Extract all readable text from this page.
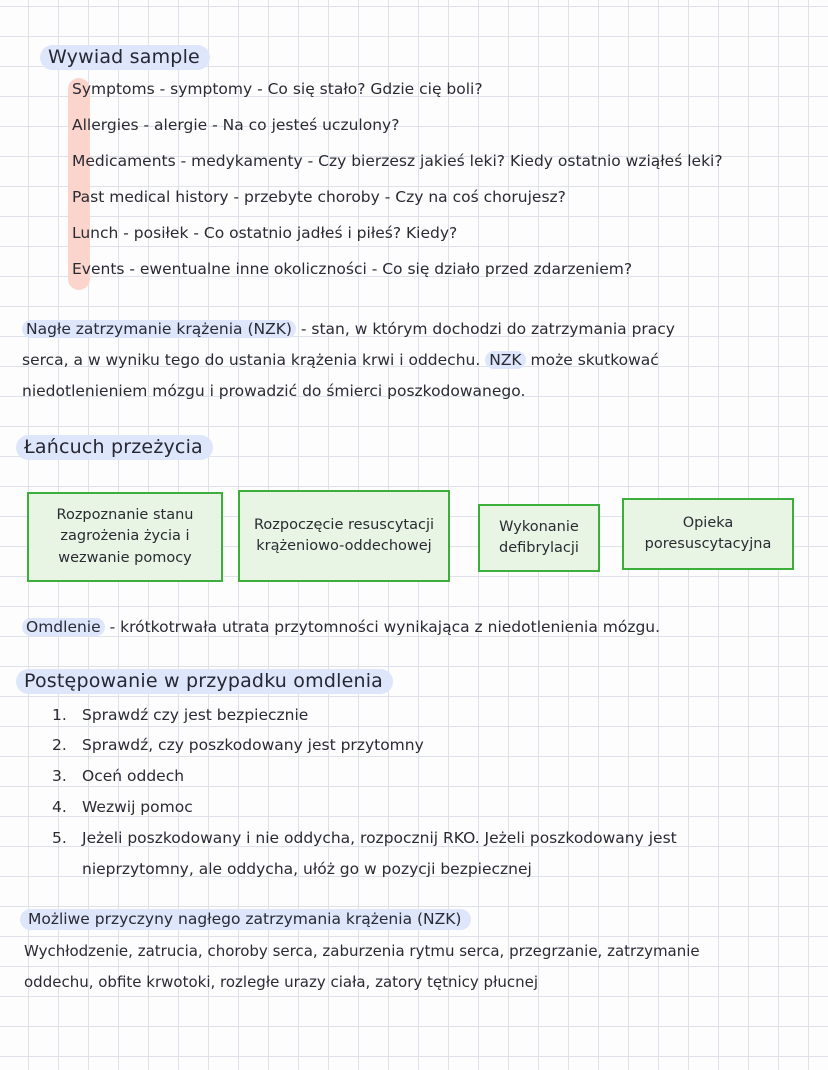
Wywiad sample
Symptoms - symptomy - Co się stało? Gdzie cię boli?
Allergies - alergie - Na co jesteś uczulony?
Medicaments - medykamenty - Czy bierzesz jakieś leki? Kiedy ostatnio wziąłeś leki?
Past medical history - przebyte choroby - Czy na coś chorujesz?
Lunch - posiłek - Co ostatnio jadłeś i piłeś? Kiedy?
Events - ewentualne inne okoliczności - Co się działo przed zdarzeniem?
Nagłe zatrzymanie krążenia (NZK) - stan, w którym dochodzi do zatrzymania pracy
serca, a w wyniku tego do ustania krążenia krwi i oddechu. NZK może skutkować
niedotlenieniem mózgu i prowadzić do śmierci poszkodowanego.
Łańcuch przeżycia
Rozpoznanie stanu zagrożenia życia i wezwanie pomocy
Rozpoczęcie resuscytacji krążeniowo-oddechowej
Wykonanie defibrylacji
Opieka poresuscytacyjna
Omdlenie - krótkotrwała utrata przytomności wynikająca z niedotlenienia mózgu.
Postępowanie w przypadku omdlenia
1. Sprawdź czy jest bezpiecznie
2. Sprawdź, czy poszkodowany jest przytomny
3. Oceń oddech
4. Wezwij pomoc
5. Jeżeli poszkodowany i nie oddycha, rozpocznij RKO. Jeżeli poszkodowany jest
nieprzytomny, ale oddycha, ułóż go w pozycji bezpiecznej
Możliwe przyczyny nagłego zatrzymania krążenia (NZK)
Wychłodzenie, zatrucia, choroby serca, zaburzenia rytmu serca, przegrzanie, zatrzymanie
oddechu, obfite krwotoki, rozległe urazy ciała, zatory tętnicy płucnej
